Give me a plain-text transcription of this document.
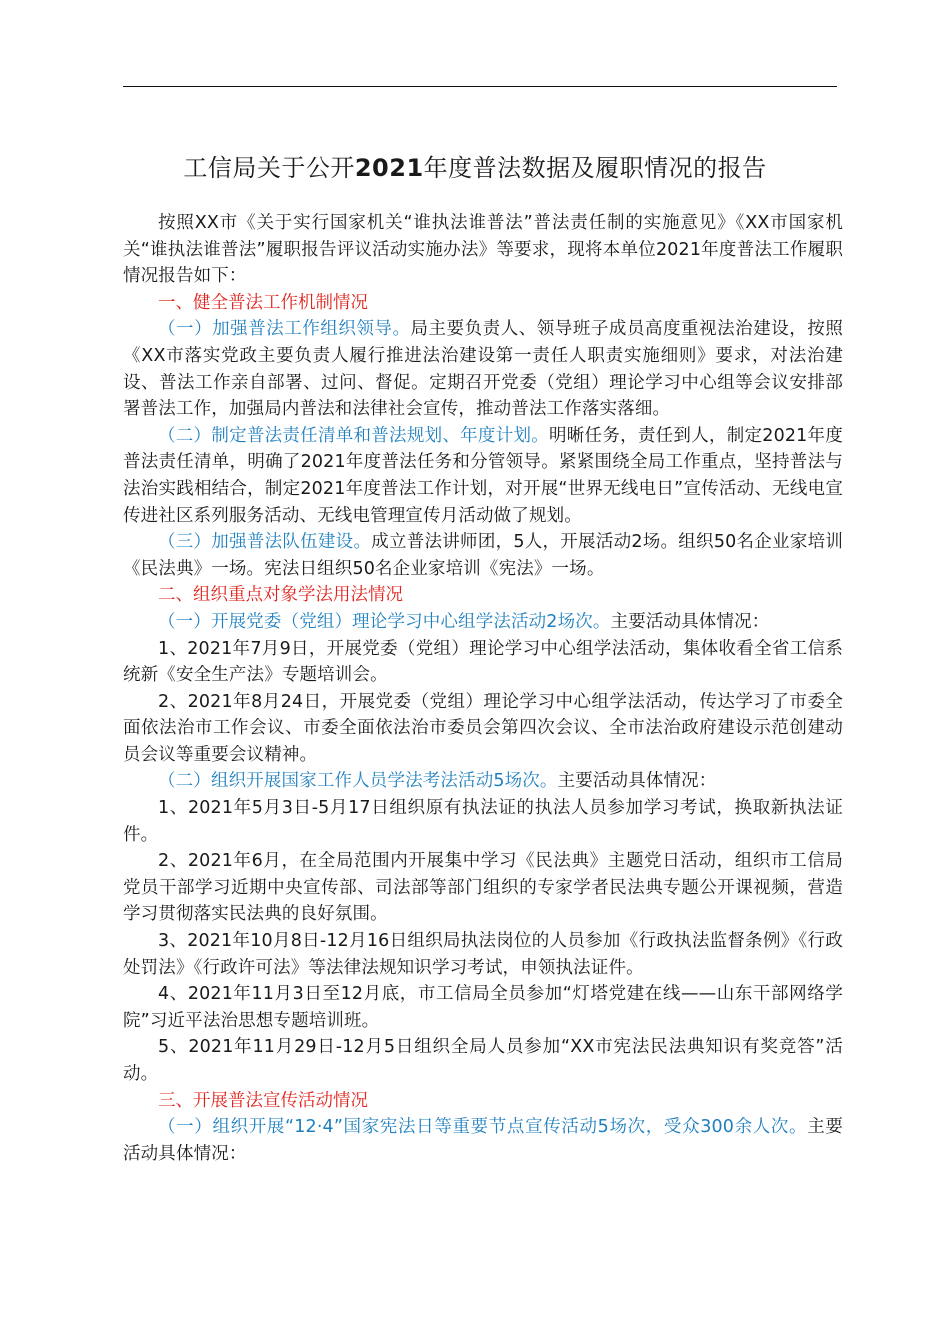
工信局关于公开2021年度普法数据及履职情况的报告

按照XX市《关于实行国家机关“谁执法谁普法”普法责任制的实施意见》《XX市国家机关“谁执法谁普法”履职报告评议活动实施办法》等要求，现将本单位2021年度普法工作履职情况报告如下：

一、健全普法工作机制情况

（一）加强普法工作组织领导。局主要负责人、领导班子成员高度重视法治建设，按照《XX市落实党政主要负责人履行推进法治建设第一责任人职责实施细则》要求，对法治建设、普法工作亲自部署、过问、督促。定期召开党委（党组）理论学习中心组等会议安排部署普法工作，加强局内普法和法律社会宣传，推动普法工作落实落细。

（二）制定普法责任清单和普法规划、年度计划。明晰任务，责任到人，制定2021年度普法责任清单，明确了2021年度普法任务和分管领导。紧紧围绕全局工作重点，坚持普法与法治实践相结合，制定2021年度普法工作计划，对开展“世界无线电日”宣传活动、无线电宣传进社区系列服务活动、无线电管理宣传月活动做了规划。

（三）加强普法队伍建设。成立普法讲师团，5人，开展活动2场。组织50名企业家培训《民法典》一场。宪法日组织50名企业家培训《宪法》一场。

二、组织重点对象学法用法情况

（一）开展党委（党组）理论学习中心组学法活动2场次。主要活动具体情况：

1、2021年7月9日，开展党委（党组）理论学习中心组学法活动，集体收看全省工信系统新《安全生产法》专题培训会。

2、2021年8月24日，开展党委（党组）理论学习中心组学法活动，传达学习了市委全面依法治市工作会议、市委全面依法治市委员会第四次会议、全市法治政府建设示范创建动员会议等重要会议精神。

（二）组织开展国家工作人员学法考法活动5场次。主要活动具体情况：

1、2021年5月3日-5月17日组织原有执法证的执法人员参加学习考试，换取新执法证件。

2、2021年6月，在全局范围内开展集中学习《民法典》主题党日活动，组织市工信局党员干部学习近期中央宣传部、司法部等部门组织的专家学者民法典专题公开课视频，营造学习贯彻落实民法典的良好氛围。

3、2021年10月8日-12月16日组织局执法岗位的人员参加《行政执法监督条例》《行政处罚法》《行政许可法》等法律法规知识学习考试，申领执法证件。

4、2021年11月3日至12月底，市工信局全员参加“灯塔党建在线——山东干部网络学院”习近平法治思想专题培训班。

5、2021年11月29日-12月5日组织全局人员参加“XX市宪法民法典知识有奖竞答”活动。

三、开展普法宣传活动情况

（一）组织开展“12·4”国家宪法日等重要节点宣传活动5场次，受众300余人次。主要活动具体情况：
